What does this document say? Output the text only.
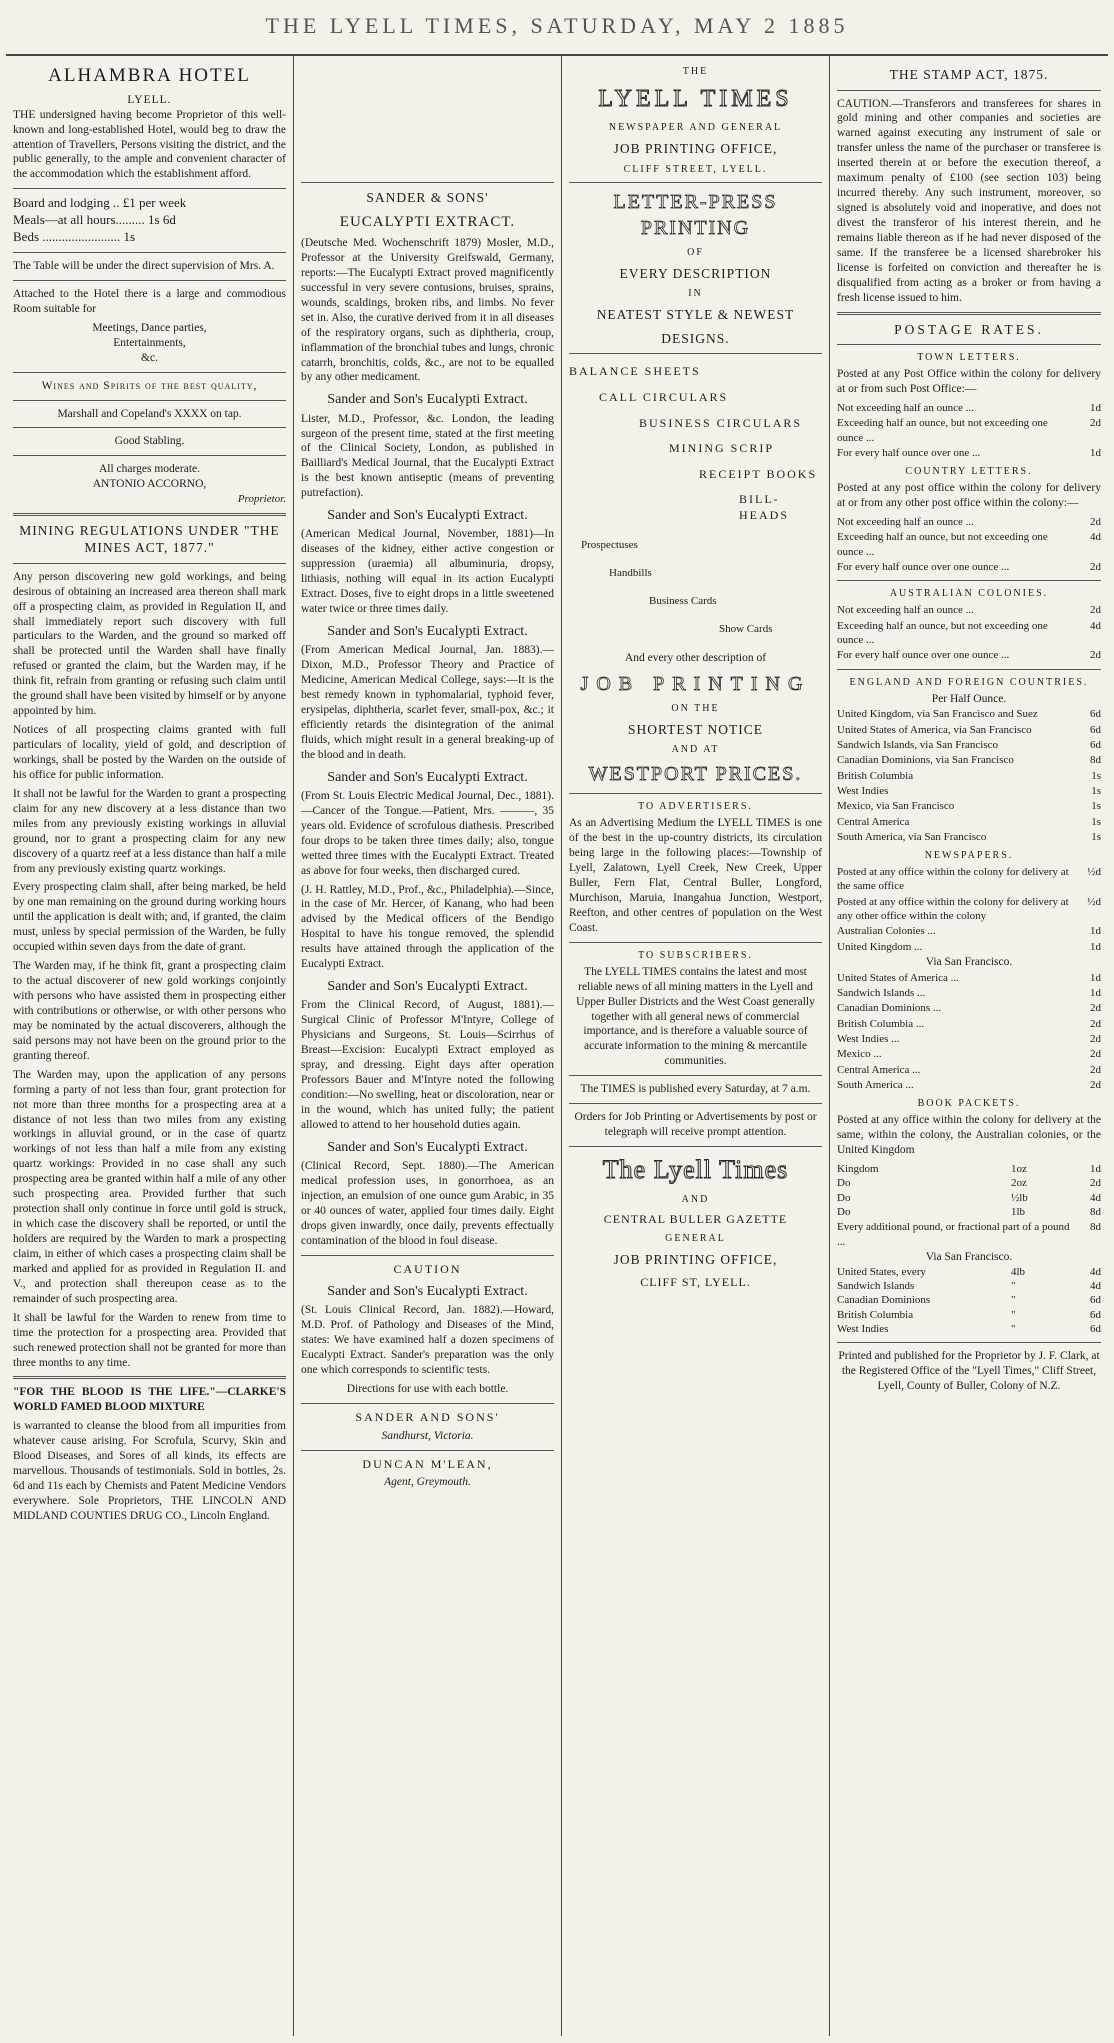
THE LYELL TIMES, SATURDAY, MAY 2 1885
ALHAMBRA HOTEL
LYELL.

THE undersigned having become Proprietor of this well-known and long-established Hotel, would beg to draw the attention of Travellers, Persons visiting the district, and the public generally, to the ample and convenient character of the accommodation which the establishment afford.

Board and lodging .. £1 per week
Meals—at all hours......... 1s 6d
Beds ........................ 1s

The Table will be under the direct supervision of Mrs. A.

Attached to the Hotel there is a large and commodious Room suitable for

Meetings, Dance parties,
Entertainments,
&c.
Wines and Spirits of the best quality,

Marshall and Copeland's XXXX on tap.

Good Stabling.
All charges moderate.
ANTONIO ACCORNO,
Proprietor.
MINING REGULATIONS UNDER "THE MINES ACT, 1877."

Any person discovering new gold workings, and being desirous of obtaining an increased area thereon shall mark off a prospecting claim, as provided in Regulation II, and shall immediately report such discovery with full particulars to the Warden, and the ground so marked off shall be protected until the Warden shall have finally refused or granted the claim, but the Warden may, if he think fit, refrain from granting or refusing such claim until the ground shall have been visited by himself or by anyone appointed by him.

Notices of all prospecting claims granted with full particulars of locality, yield of gold, and description of workings, shall be posted by the Warden on the outside of his office for public information.

It shall not be lawful for the Warden to grant a prospecting claim for any new discovery at a less distance than two miles from any previously existing workings in alluvial ground, nor to grant a prospecting claim for any new discovery of a quartz reef at a less distance than half a mile from any previously existing quartz workings.

Every prospecting claim shall, after being marked, be held by one man remaining on the ground during working hours until the application is dealt with; and, if granted, the claim must, unless by special permission of the Warden, be fully occupied within seven days from the date of grant.

The Warden may, if he think fit, grant a prospecting claim to the actual discoverer of new gold workings conjointly with persons who have assisted them in prospecting either with contributions or otherwise, or with other persons who may be nominated by the actual discoverers, although the said persons may not have been on the ground prior to the granting thereof.

The Warden may, upon the application of any persons forming a party of not less than four, grant protection for not more than three months for a prospecting area at a distance of not less than two miles from any existing workings in alluvial ground, or in the case of quartz workings of not less than half a mile from any existing quartz workings: Provided in no case shall any such prospecting area be granted within half a mile of any other such prospecting area. Provided further that such protection shall only continue in force until gold is struck, in which case the discovery shall be reported, or until the holders are required by the Warden to mark a prospecting claim, in either of which cases a prospecting claim shall be marked and applied for as provided in Regulation II. and V., and protection shall thereupon cease as to the remainder of such prospecting area.

It shall be lawful for the Warden to renew from time to time the protection for a prospecting area. Provided that such renewed protection shall not be granted for more than three months to any time.

"FOR THE BLOOD IS THE LIFE."—CLARKE'S WORLD FAMED BLOOD MIXTURE

is warranted to cleanse the blood from all impurities from whatever cause arising. For Scrofula, Scurvy, Skin and Blood Diseases, and Sores of all kinds, its effects are marvellous. Thousands of testimonials. Sold in bottles, 2s. 6d and 11s each by Chemists and Patent Medicine Vendors everywhere. Sole Proprietors, THE LINCOLN AND MIDLAND COUNTIES DRUG CO., Lincoln England.

SANDER & SONS'
EUCALYPTI EXTRACT.

(Deutsche Med. Wochenschrift 1879) Mosler, M.D., Professor at the University Greifswald, Germany, reports:—The Eucalypti Extract proved magnificently successful in very severe contusions, bruises, sprains, wounds, scaldings, broken ribs, and limbs. No fever set in. Also, the curative derived from it in all diseases of the respiratory organs, such as diphtheria, croup, inflammation of the bronchial tubes and lungs, chronic catarrh, bronchitis, colds, &c., are not to be equalled by any other medicament.

Sander and Son's Eucalypti Extract.

Lister, M.D., Professor, &c. London, the leading surgeon of the present time, stated at the first meeting of the Clinical Society, London, as published in Bailliard's Medical Journal, that the Eucalypti Extract is the best known antiseptic (means of preventing putrefaction).

Sander and Son's Eucalypti Extract.

(American Medical Journal, November, 1881)—In diseases of the kidney, either active congestion or suppression (uraemia) all albuminuria, dropsy, lithiasis, nothing will equal in its action Eucalypti Extract. Doses, five to eight drops in a little sweetened water twice or three times daily.

Sander and Son's Eucalypti Extract.

(From American Medical Journal, Jan. 1883).—Dixon, M.D., Professor Theory and Practice of Medicine, American Medical College, says:—It is the best remedy known in typhomalarial, typhoid fever, erysipelas, diphtheria, scarlet fever, small-pox, &c.; it efficiently retards the disintegration of the animal fluids, which might result in a general breaking-up of the blood and in death.

Sander and Son's Eucalypti Extract.

(From St. Louis Electric Medical Journal, Dec., 1881).—Cancer of the Tongue.—Patient, Mrs. ———, 35 years old. Evidence of scrofulous diathesis. Prescribed four drops to be taken three times daily; also, tongue wetted three times with the Eucalypti Extract. Treated as above for four weeks, then discharged cured.

(J. H. Rattley, M.D., Prof., &c., Philadelphia).—Since, in the case of Mr. Hercer, of Kanang, who had been advised by the Medical officers of the Bendigo Hospital to have his tongue removed, the splendid results have attained through the application of the Eucalypti Extract.

Sander and Son's Eucalypti Extract.

From the Clinical Record, of August, 1881).—Surgical Clinic of Professor M'Intyre, College of Physicians and Surgeons, St. Louis—Scirrhus of Breast—Excision: Eucalypti Extract employed as spray, and dressing. Eight days after operation Professors Bauer and M'Intyre noted the following condition:—No swelling, heat or discoloration, near or in the wound, which has united fully; the patient allowed to attend to her household duties again.

Sander and Son's Eucalypti Extract.

(Clinical Record, Sept. 1880).—The American medical profession uses, in gonorrhoea, as an injection, an emulsion of one ounce gum Arabic, in 35 or 40 ounces of water, applied four times daily. Eight drops given inwardly, once daily, prevents effectually contamination of the blood in foul disease.

CAUTION
Sander and Son's Eucalypti Extract.

(St. Louis Clinical Record, Jan. 1882).—Howard, M.D. Prof. of Pathology and Diseases of the Mind, states: We have examined half a dozen specimens of Eucalypti Extract. Sander's preparation was the only one which corresponds to scientific tests.

Directions for use with each bottle.
SANDER AND SONS'
Sandhurst, Victoria.
DUNCAN M'LEAN,
Agent, Greymouth.
THE
LYELL TIMES
NEWSPAPER AND GENERAL
JOB PRINTING OFFICE,
CLIFF STREET, LYELL.
LETTER-PRESS PRINTING
OF
EVERY DESCRIPTION
IN
NEATEST STYLE & NEWEST
DESIGNS.
BALANCE SHEETS
CALL CIRCULARS
BUSINESS CIRCULARS
MINING SCRIP
RECEIPT BOOKS
BILL-HEADS
Prospectuses
Handbills
Business Cards
Show Cards
And every other description of
JOB PRINTING
ON THE
SHORTEST NOTICE
AND AT
WESTPORT PRICES.
TO ADVERTISERS.

As an Advertising Medium the LYELL TIMES is one of the best in the up-country districts, its circulation being large in the following places:—Township of Lyell, Zalatown, Lyell Creek, New Creek, Upper Buller, Fern Flat, Central Buller, Longford, Murchison, Maruia, Inangahua Junction, Westport, Reefton, and other centres of population on the West Coast.

TO SUBSCRIBERS.

The LYELL TIMES contains the latest and most reliable news of all mining matters in the Lyell and Upper Buller Districts and the West Coast generally together with all general news of commercial importance, and is therefore a valuable source of accurate information to the mining & mercantile communities.

The TIMES is published every Saturday, at 7 a.m.

Orders for Job Printing or Advertisements by post or telegraph will receive prompt attention.

The Lyell Times
AND
CENTRAL BULLER GAZETTE
GENERAL
JOB PRINTING OFFICE,
CLIFF ST, LYELL.
THE STAMP ACT, 1875.

CAUTION.—Transferors and transferees for shares in gold mining and other companies and societies are warned against executing any instrument of sale or transfer unless the name of the purchaser or transferee is inserted therein at or before the execution thereof, a maximum penalty of £100 (see section 103) being incurred thereby. Any such instrument, moreover, so signed is absolutely void and inoperative, and does not divest the transferor of his interest therein, and he remains liable thereon as if he had never disposed of the same. If the transferee be a licensed sharebroker his license is forfeited on conviction and thereafter he is disqualified from acting as a broker or from having a fresh license issued to him.

POSTAGE RATES.
TOWN LETTERS.

Posted at any Post Office within the colony for delivery at or from such Post Office:—

Not exceeding half an ounce ...	1d
Exceeding half an ounce, but not exceeding one ounce ...
2d
For every half ounce over one ...	1d
COUNTRY LETTERS.

Posted at any post office within the colony for delivery at or from any other post office within the colony:—

Not exceeding half an ounce ...	2d
Exceeding half an ounce, but not exceeding one ounce ...
4d
For every half ounce over one ounce ...	2d
AUSTRALIAN COLONIES.
Not exceeding half an ounce ...	2d
Exceeding half an ounce, but not exceeding one ounce ...
4d
For every half ounce over one ounce ...	2d
ENGLAND AND FOREIGN COUNTRIES.
Per Half Ounce.
United Kingdom, via San Francisco and Suez	6d
United States of America, via San Francisco	6d
Sandwich Islands, via San Francisco	6d
Canadian Dominions, via San Francisco	8d
British Columbia	1s
West Indies	1s
Mexico, via San Francisco	1s
Central America	1s
South America, via San Francisco	1s
NEWSPAPERS.
Posted at any office within the colony for delivery at the same office
½d
Posted at any office within the colony for delivery at any other office within the colony
½d
Australian Colonies ...	1d
United Kingdom ...	1d
Via San Francisco.
United States of America ...	1d
Sandwich Islands ...	1d
Canadian Dominions ...	2d
British Columbia ...	2d
West Indies ...	2d
Mexico ...	2d
Central America ...	2d
South America ...	2d
BOOK PACKETS.

Posted at any office within the colony for delivery at the same, within the colony, the Australian colonies, or the United Kingdom

Kingdom	1oz	1d
Do	2oz	2d
Do	½lb	4d
Do	1lb	8d
Every additional pound, or fractional part of a pound ...
8d
Via San Francisco.
United States, every	4lb	4d
Sandwich Islands	"	4d
Canadian Dominions	"	6d
British Columbia	"	6d
West Indies	"	6d

Printed and published for the Proprietor by J. F. Clark, at the Registered Office of the "Lyell Times," Cliff Street, Lyell, County of Buller, Colony of N.Z.
